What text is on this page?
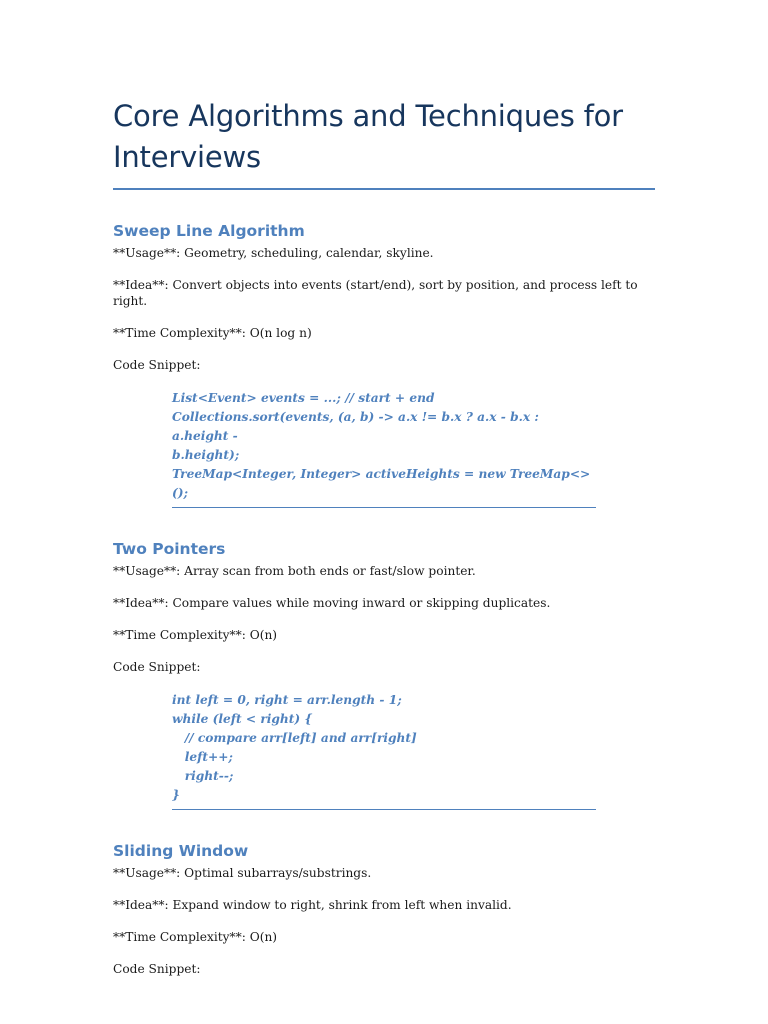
Core Algorithms and Techniques for Interviews
Sweep Line Algorithm

**Usage**: Geometry, scheduling, calendar, skyline.

**Idea**: Convert objects into events (start/end), sort by position, and process left to right.

**Time Complexity**: O(n log n)

Code Snippet:

List<Event> events = ...; // start + end
Collections.sort(events, (a, b) -> a.x != b.x ? a.x - b.x : a.height -
b.height);
TreeMap<Integer, Integer> activeHeights = new TreeMap<>();
Two Pointers

**Usage**: Array scan from both ends or fast/slow pointer.

**Idea**: Compare values while moving inward or skipping duplicates.

**Time Complexity**: O(n)

Code Snippet:

int left = 0, right = arr.length - 1;
while (left < right) {
// compare arr[left] and arr[right]
left++;
right--;
}
Sliding Window

**Usage**: Optimal subarrays/substrings.

**Idea**: Expand window to right, shrink from left when invalid.

**Time Complexity**: O(n)

Code Snippet:
